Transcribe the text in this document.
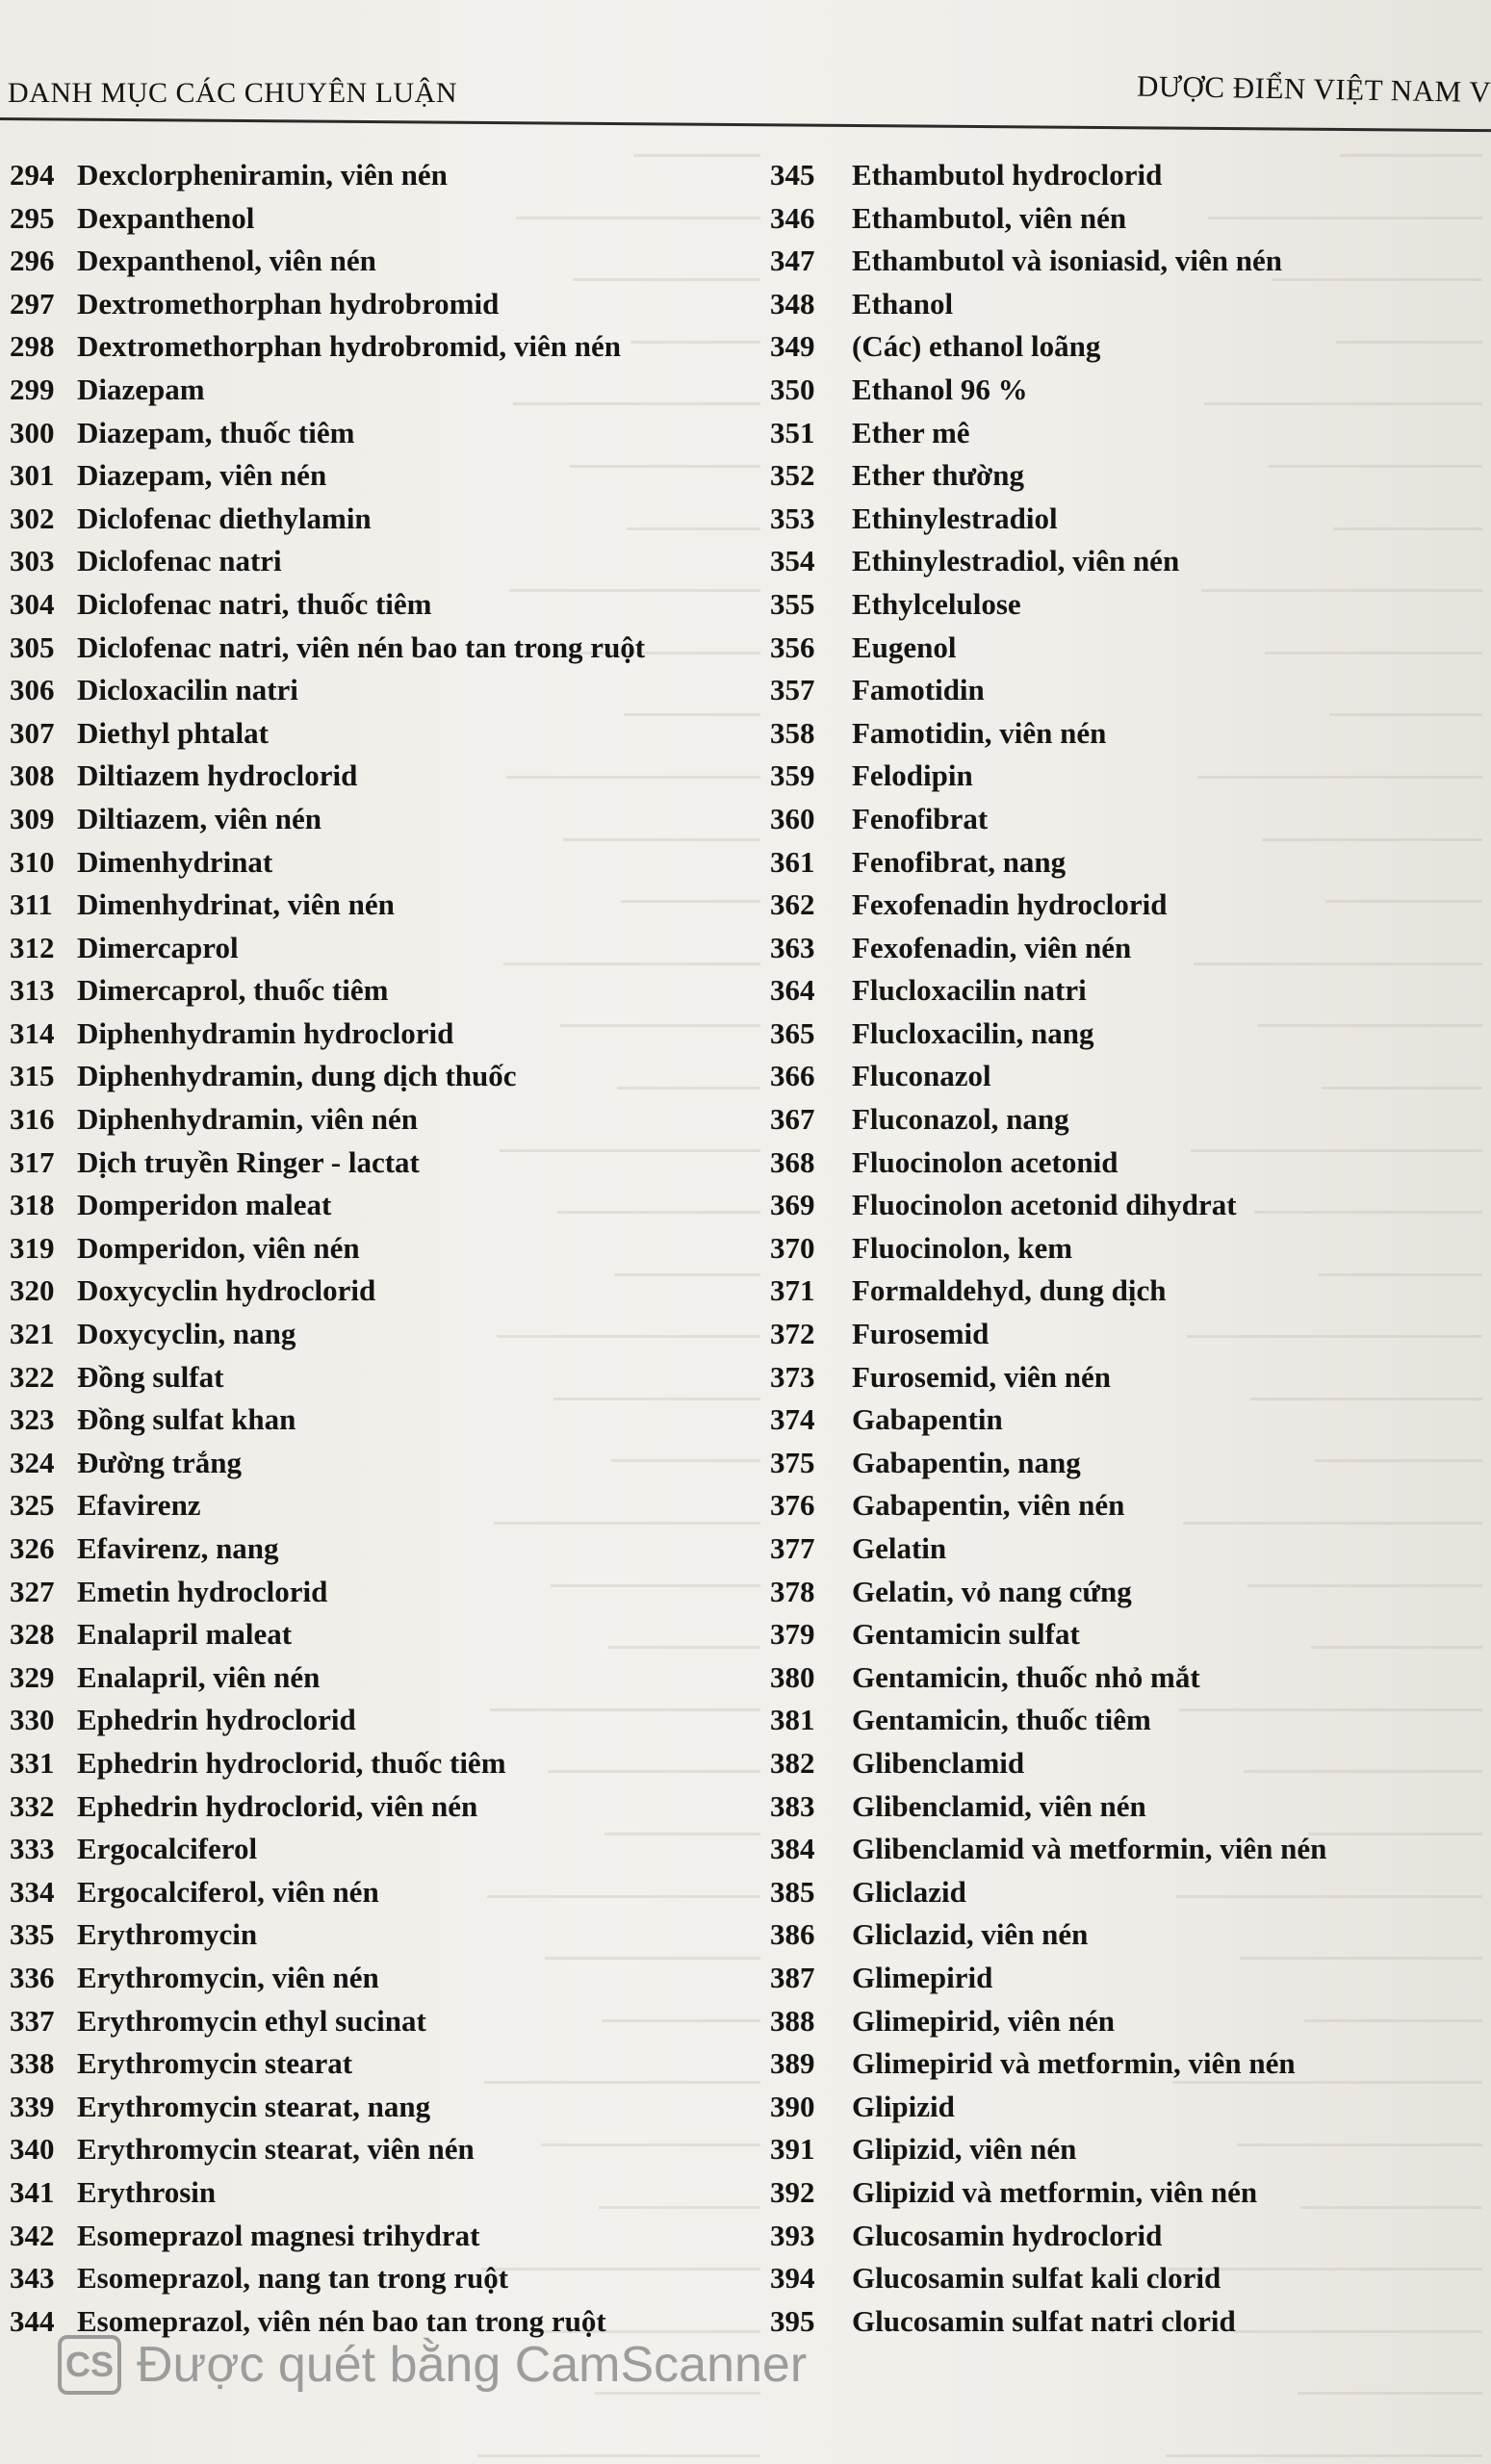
DANH MỤC CÁC CHUYÊN LUẬN	DƯỢC ĐIỂN VIỆT NAM V
294 Dexclorpheniramin, viên nén
295 Dexpanthenol
296 Dexpanthenol, viên nén
297 Dextromethorphan hydrobromid
298 Dextromethorphan hydrobromid, viên nén
299 Diazepam
300 Diazepam, thuốc tiêm
301 Diazepam, viên nén
302 Diclofenac diethylamin
303 Diclofenac natri
304 Diclofenac natri, thuốc tiêm
305 Diclofenac natri, viên nén bao tan trong ruột
306 Dicloxacilin natri
307 Diethyl phtalat
308 Diltiazem hydroclorid
309 Diltiazem, viên nén
310 Dimenhydrinat
311 Dimenhydrinat, viên nén
312 Dimercaprol
313 Dimercaprol, thuốc tiêm
314 Diphenhydramin hydroclorid
315 Diphenhydramin, dung dịch thuốc
316 Diphenhydramin, viên nén
317 Dịch truyền Ringer - lactat
318 Domperidon maleat
319 Domperidon, viên nén
320 Doxycyclin hydroclorid
321 Doxycyclin, nang
322 Đồng sulfat
323 Đồng sulfat khan
324 Đường trắng
325 Efavirenz
326 Efavirenz, nang
327 Emetin hydroclorid
328 Enalapril maleat
329 Enalapril, viên nén
330 Ephedrin hydroclorid
331 Ephedrin hydroclorid, thuốc tiêm
332 Ephedrin hydroclorid, viên nén
333 Ergocalciferol
334 Ergocalciferol, viên nén
335 Erythromycin
336 Erythromycin, viên nén
337 Erythromycin ethyl sucinat
338 Erythromycin stearat
339 Erythromycin stearat, nang
340 Erythromycin stearat, viên nén
341 Erythrosin
342 Esomeprazol magnesi trihydrat
343 Esomeprazol, nang tan trong ruột
344 Esomeprazol, viên nén bao tan trong ruột
345 Ethambutol hydroclorid
346 Ethambutol, viên nén
347 Ethambutol và isoniasid, viên nén
348 Ethanol
349 (Các) ethanol loãng
350 Ethanol 96 %
351 Ether mê
352 Ether thường
353 Ethinylestradiol
354 Ethinylestradiol, viên nén
355 Ethylcelulose
356 Eugenol
357 Famotidin
358 Famotidin, viên nén
359 Felodipin
360 Fenofibrat
361 Fenofibrat, nang
362 Fexofenadin hydroclorid
363 Fexofenadin, viên nén
364 Flucloxacilin natri
365 Flucloxacilin, nang
366 Fluconazol
367 Fluconazol, nang
368 Fluocinolon acetonid
369 Fluocinolon acetonid dihydrat
370 Fluocinolon, kem
371 Formaldehyd, dung dịch
372 Furosemid
373 Furosemid, viên nén
374 Gabapentin
375 Gabapentin, nang
376 Gabapentin, viên nén
377 Gelatin
378 Gelatin, vỏ nang cứng
379 Gentamicin sulfat
380 Gentamicin, thuốc nhỏ mắt
381 Gentamicin, thuốc tiêm
382 Glibenclamid
383 Glibenclamid, viên nén
384 Glibenclamid và metformin, viên nén
385 Gliclazid
386 Gliclazid, viên nén
387 Glimepirid
388 Glimepirid, viên nén
389 Glimepirid và metformin, viên nén
390 Glipizid
391 Glipizid, viên nén
392 Glipizid và metformin, viên nén
393 Glucosamin hydroclorid
394 Glucosamin sulfat kali clorid
395 Glucosamin sulfat natri clorid
CS Được quét bằng CamScanner
